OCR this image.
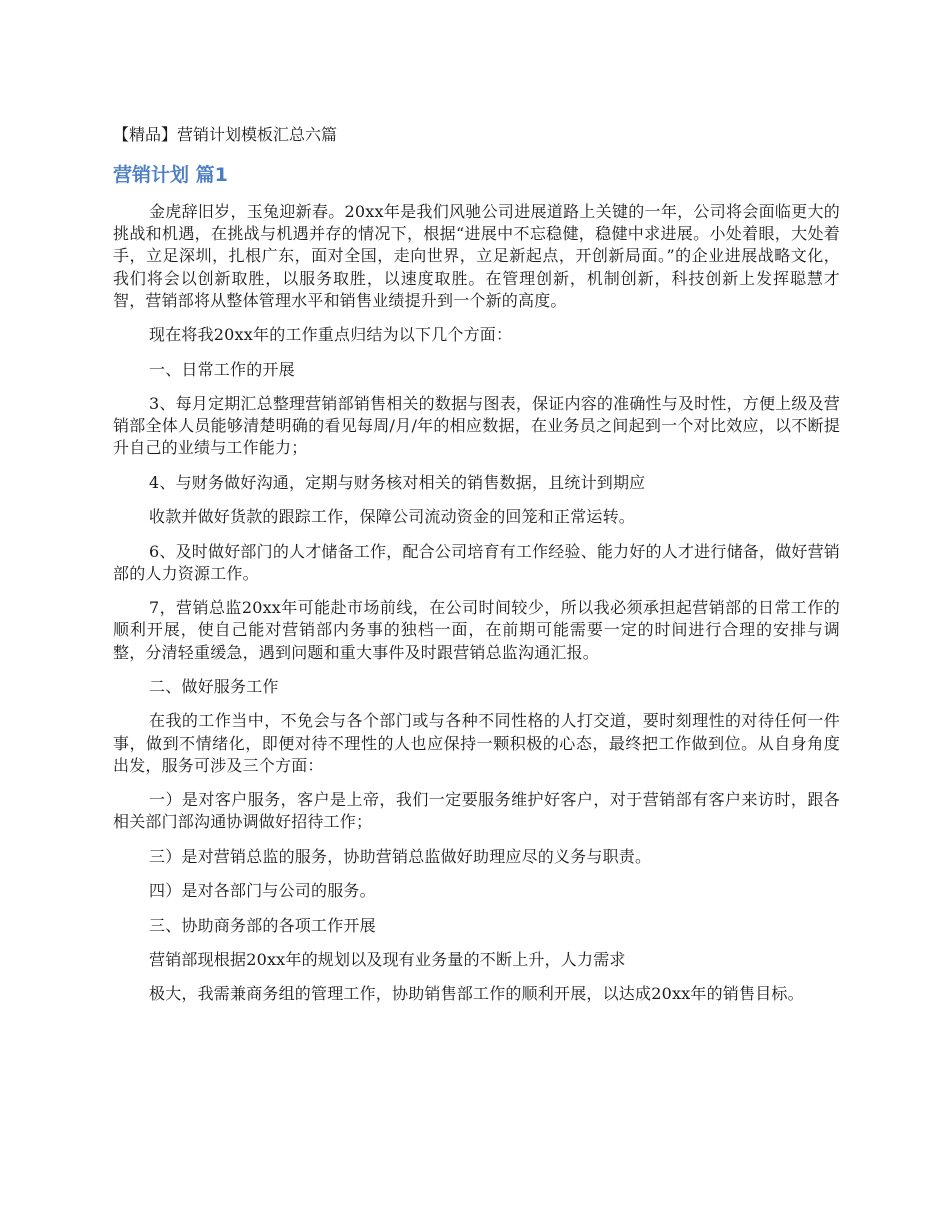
【精品】营销计划模板汇总六篇

营销计划 篇1

金虎辞旧岁，玉兔迎新春。20xx年是我们风驰公司进展道路上关键的一年，公司将会面临更大的挑战和机遇，在挑战与机遇并存的情况下，根据“进展中不忘稳健，稳健中求进展。小处着眼，大处着手，立足深圳，扎根广东，面对全国，走向世界，立足新起点，开创新局面。”的企业进展战略文化，我们将会以创新取胜，以服务取胜，以速度取胜。在管理创新，机制创新，科技创新上发挥聪慧才智，营销部将从整体管理水平和销售业绩提升到一个新的高度。

现在将我20xx年的工作重点归结为以下几个方面：

一、日常工作的开展

3、每月定期汇总整理营销部销售相关的数据与图表，保证内容的准确性与及时性，方便上级及营销部全体人员能够清楚明确的看见每周/月/年的相应数据，在业务员之间起到一个对比效应，以不断提升自己的业绩与工作能力；

4、与财务做好沟通，定期与财务核对相关的销售数据，且统计到期应

收款并做好货款的跟踪工作，保障公司流动资金的回笼和正常运转。

6、及时做好部门的人才储备工作，配合公司培育有工作经验、能力好的人才进行储备，做好营销部的人力资源工作。

7，营销总监20xx年可能赴市场前线，在公司时间较少，所以我必须承担起营销部的日常工作的顺利开展，使自己能对营销部内务事的独档一面，在前期可能需要一定的时间进行合理的安排与调整，分清轻重缓急，遇到问题和重大事件及时跟营销总监沟通汇报。

二、做好服务工作

在我的工作当中，不免会与各个部门或与各种不同性格的人打交道，要时刻理性的对待任何一件事，做到不情绪化，即便对待不理性的人也应保持一颗积极的心态，最终把工作做到位。从自身角度出发，服务可涉及三个方面：

一）是对客户服务，客户是上帝，我们一定要服务维护好客户，对于营销部有客户来访时，跟各相关部门部沟通协调做好招待工作；

三）是对营销总监的服务，协助营销总监做好助理应尽的义务与职责。

四）是对各部门与公司的服务。

三、协助商务部的各项工作开展

营销部现根据20xx年的规划以及现有业务量的不断上升，人力需求

极大，我需兼商务组的管理工作，协助销售部工作的顺利开展，以达成20xx年的销售目标。
